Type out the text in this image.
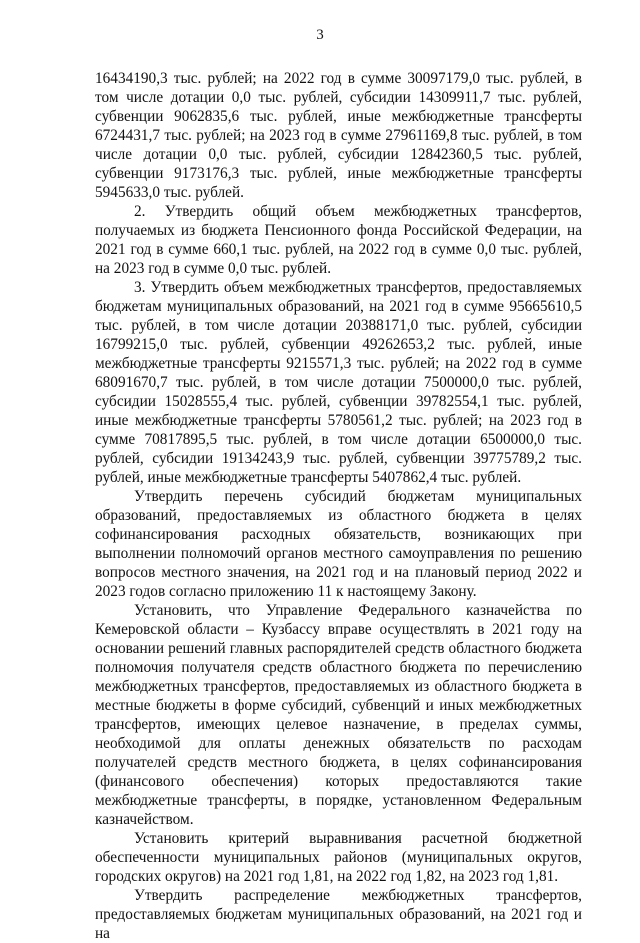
3

16434190,3 тыс. рублей; на 2022 год в сумме 30097179,0 тыс. рублей, в том числе дотации 0,0 тыс. рублей, субсидии 14309911,7 тыс. рублей, субвенции 9062835,6 тыс. рублей, иные межбюджетные трансферты 6724431,7 тыс. рублей; на 2023 год в сумме 27961169,8 тыс. рублей, в том числе дотации 0,0 тыс. рублей, субсидии 12842360,5 тыс. рублей, субвенции 9173176,3 тыс. рублей, иные межбюджетные трансферты 5945633,0 тыс. рублей.

2. Утвердить общий объем межбюджетных трансфертов, получаемых из бюджета Пенсионного фонда Российской Федерации, на 2021 год в сумме 660,1 тыс. рублей, на 2022 год в сумме 0,0 тыс. рублей, на 2023 год в сумме 0,0 тыс. рублей.

3. Утвердить объем межбюджетных трансфертов, предоставляемых бюджетам муниципальных образований, на 2021 год в сумме 95665610,5 тыс. рублей, в том числе дотации 20388171,0 тыс. рублей, субсидии 16799215,0 тыс. рублей, субвенции 49262653,2 тыс. рублей, иные межбюджетные трансферты 9215571,3 тыс. рублей; на 2022 год в сумме 68091670,7 тыс. рублей, в том числе дотации 7500000,0 тыс. рублей, субсидии 15028555,4 тыс. рублей, субвенции 39782554,1 тыс. рублей, иные межбюджетные трансферты 5780561,2 тыс. рублей; на 2023 год в сумме 70817895,5 тыс. рублей, в том числе дотации 6500000,0 тыс. рублей, субсидии 19134243,9 тыс. рублей, субвенции 39775789,2 тыс. рублей, иные межбюджетные трансферты 5407862,4 тыс. рублей.

Утвердить перечень субсидий бюджетам муниципальных образований, предоставляемых из областного бюджета в целях софинансирования расходных обязательств, возникающих при выполнении полномочий органов местного самоуправления по решению вопросов местного значения, на 2021 год и на плановый период 2022 и 2023 годов согласно приложению 11 к настоящему Закону.

Установить, что Управление Федерального казначейства по Кемеровской области – Кузбассу вправе осуществлять в 2021 году на основании решений главных распорядителей средств областного бюджета полномочия получателя средств областного бюджета по перечислению межбюджетных трансфертов, предоставляемых из областного бюджета в местные бюджеты в форме субсидий, субвенций и иных межбюджетных трансфертов, имеющих целевое назначение, в пределах суммы, необходимой для оплаты денежных обязательств по расходам получателей средств местного бюджета, в целях софинансирования (финансового обеспечения) которых предоставляются такие межбюджетные трансферты, в порядке, установленном Федеральным казначейством.

Установить критерий выравнивания расчетной бюджетной обеспеченности муниципальных районов (муниципальных округов, городских округов) на 2021 год 1,81, на 2022 год 1,82, на 2023 год 1,81.

Утвердить распределение межбюджетных трансфертов, предоставляемых бюджетам муниципальных образований, на 2021 год и на
